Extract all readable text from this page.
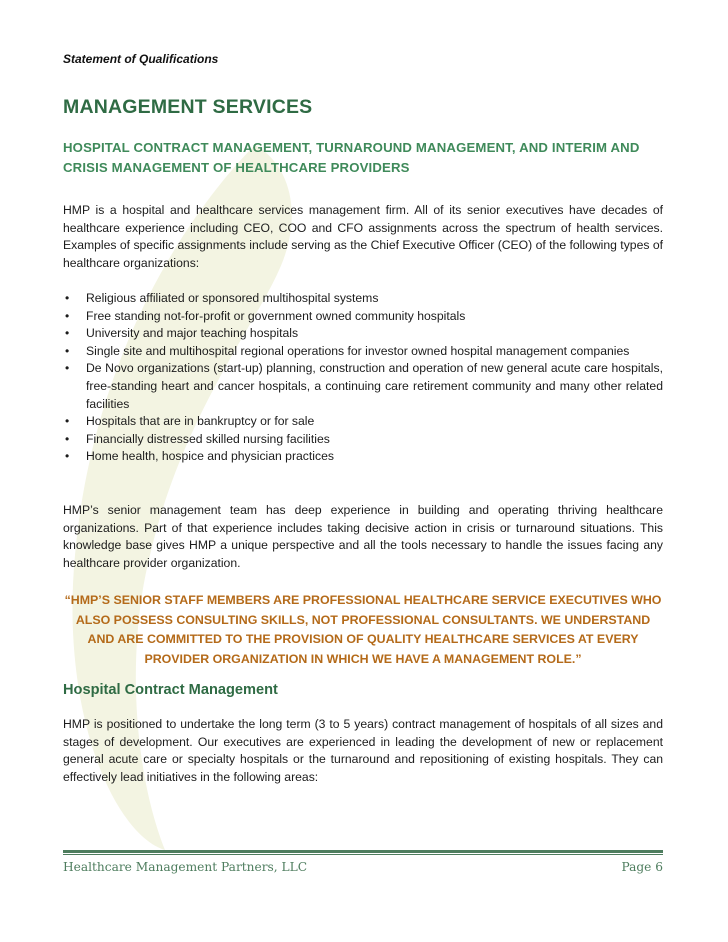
Statement of Qualifications
MANAGEMENT SERVICES
HOSPITAL CONTRACT MANAGEMENT, TURNAROUND MANAGEMENT, AND INTERIM AND CRISIS MANAGEMENT OF HEALTHCARE PROVIDERS

HMP is a hospital and healthcare services management firm. All of its senior executives have decades of healthcare experience including CEO, COO and CFO assignments across the spectrum of health services. Examples of specific assignments include serving as the Chief Executive Officer (CEO) of the following types of healthcare organizations:

• Religious affiliated or sponsored multihospital systems
• Free standing not-for-profit or government owned community hospitals
• University and major teaching hospitals
• Single site and multihospital regional operations for investor owned hospital management companies
• De Novo organizations (start-up) planning, construction and operation of new general acute care hospitals, free-standing heart and cancer hospitals, a continuing care retirement community and many other related facilities
• Hospitals that are in bankruptcy or for sale
• Financially distressed skilled nursing facilities
• Home health, hospice and physician practices

HMP’s senior management team has deep experience in building and operating thriving healthcare organizations. Part of that experience includes taking decisive action in crisis or turnaround situations. This knowledge base gives HMP a unique perspective and all the tools necessary to handle the issues facing any healthcare provider organization.

“HMP’S SENIOR STAFF MEMBERS ARE PROFESSIONAL HEALTHCARE SERVICE EXECUTIVES WHO ALSO POSSESS CONSULTING SKILLS, NOT PROFESSIONAL CONSULTANTS. WE UNDERSTAND AND ARE COMMITTED TO THE PROVISION OF QUALITY HEALTHCARE SERVICES AT EVERY PROVIDER ORGANIZATION IN WHICH WE HAVE A MANAGEMENT ROLE.”

Hospital Contract Management

HMP is positioned to undertake the long term (3 to 5 years) contract management of hospitals of all sizes and stages of development. Our executives are experienced in leading the development of new or replacement general acute care or specialty hospitals or the turnaround and repositioning of existing hospitals. They can effectively lead initiatives in the following areas:

Healthcare Management Partners, LLC	Page 6
